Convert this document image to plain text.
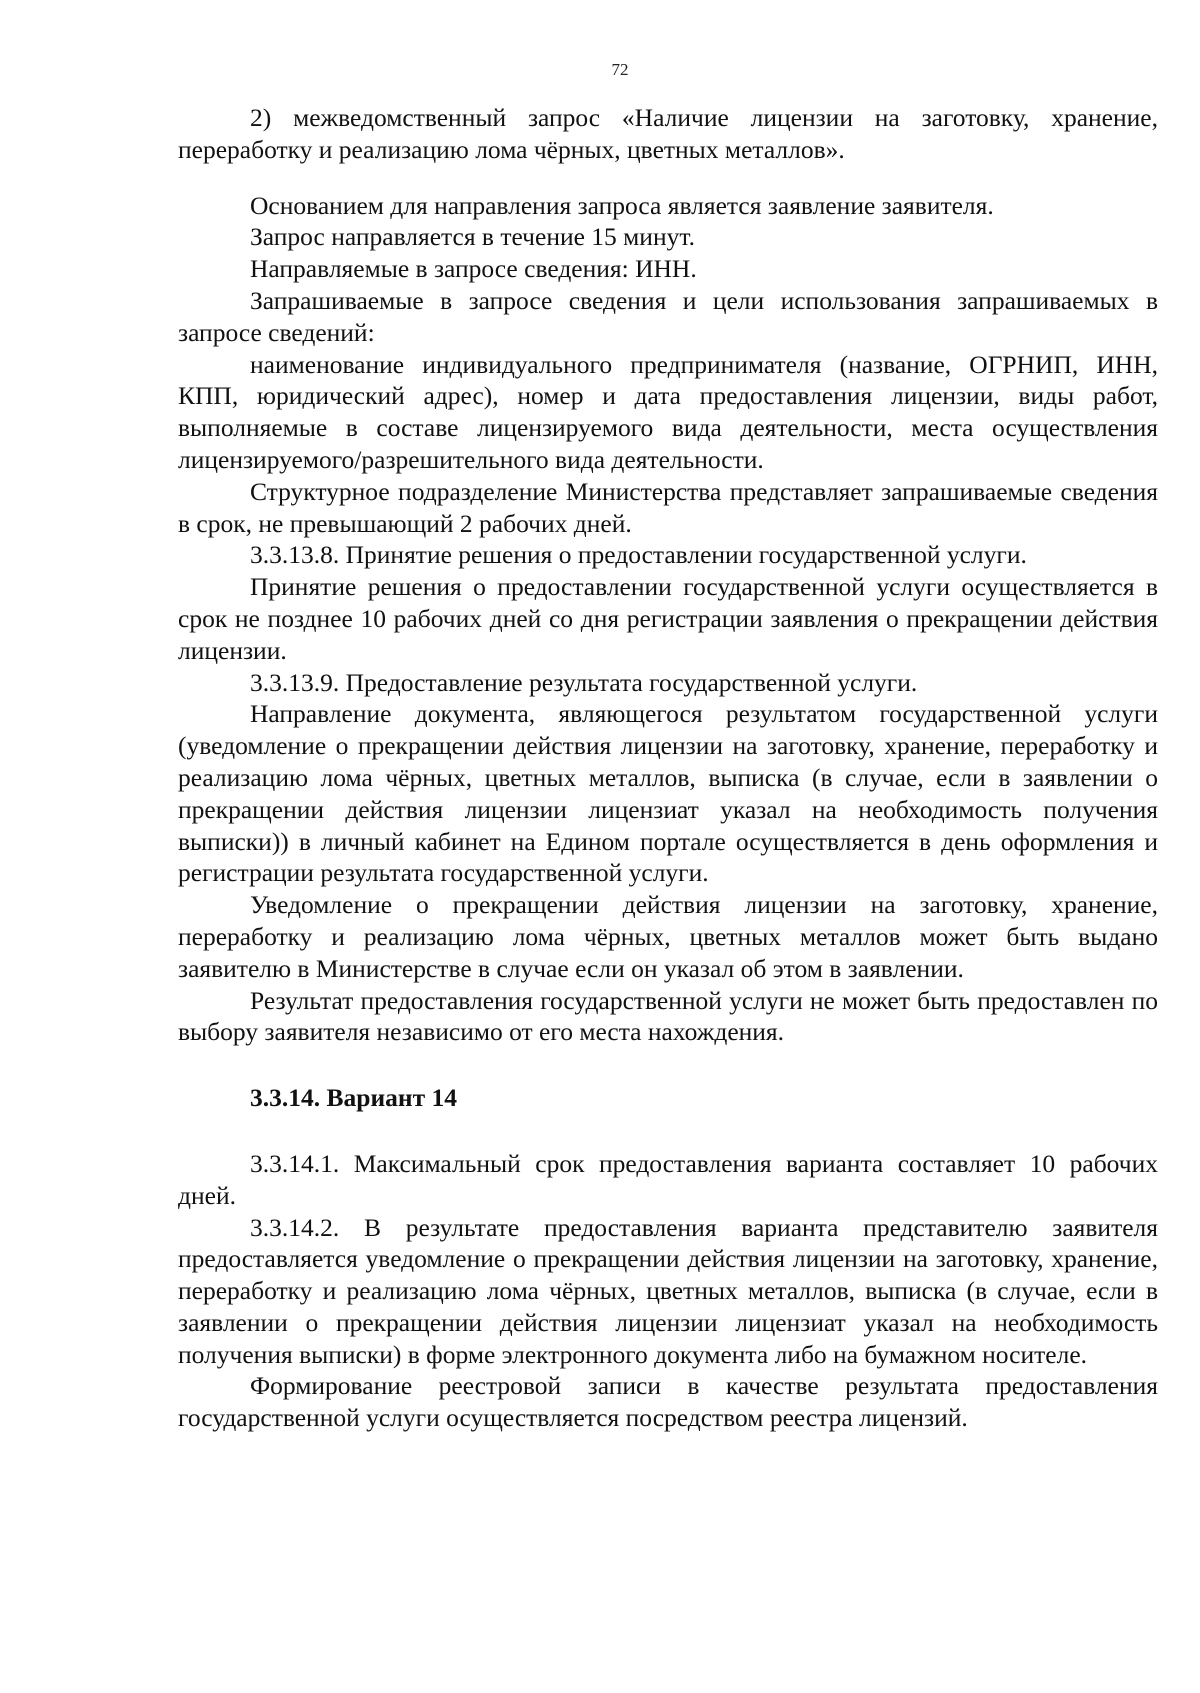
72

2) межведомственный запрос «Наличие лицензии на заготовку, хранение, переработку и реализацию лома чёрных, цветных металлов».

Основанием для направления запроса является заявление заявителя.

Запрос направляется в течение 15 минут.

Направляемые в запросе сведения: ИНН.

Запрашиваемые в запросе сведения и цели использования запрашиваемых в запросе сведений:

наименование индивидуального предпринимателя (название, ОГРНИП, ИНН, КПП, юридический адрес), номер и дата предоставления лицензии, виды работ, выполняемые в составе лицензируемого вида деятельности, места осуществления лицензируемого/разрешительного вида деятельности.

Структурное подразделение Министерства представляет запрашиваемые сведения в срок, не превышающий 2 рабочих дней.

3.3.13.8. Принятие решения о предоставлении государственной услуги.

Принятие решения о предоставлении государственной услуги осуществляется в срок не позднее 10 рабочих дней со дня регистрации заявления о прекращении действия лицензии.

3.3.13.9. Предоставление результата государственной услуги.

Направление документа, являющегося результатом государственной услуги (уведомление о прекращении действия лицензии на заготовку, хранение, переработку и реализацию лома чёрных, цветных металлов, выписка (в случае, если в заявлении о прекращении действия лицензии лицензиат указал на необходимость получения выписки)) в личный кабинет на Едином портале осуществляется в день оформления и регистрации результата государственной услуги.

Уведомление о прекращении действия лицензии на заготовку, хранение, переработку и реализацию лома чёрных, цветных металлов может быть выдано заявителю в Министерстве в случае если он указал об этом в заявлении.

Результат предоставления государственной услуги не может быть предоставлен по выбору заявителя независимо от его места нахождения.

3.3.14. Вариант 14

3.3.14.1. Максимальный срок предоставления варианта составляет 10 рабочих дней.

3.3.14.2. В результате предоставления варианта представителю заявителя предоставляется уведомление о прекращении действия лицензии на заготовку, хранение, переработку и реализацию лома чёрных, цветных металлов, выписка (в случае, если в заявлении о прекращении действия лицензии лицензиат указал на необходимость получения выписки) в форме электронного документа либо на бумажном носителе.

Формирование реестровой записи в качестве результата предоставления государственной услуги осуществляется посредством реестра лицензий.
